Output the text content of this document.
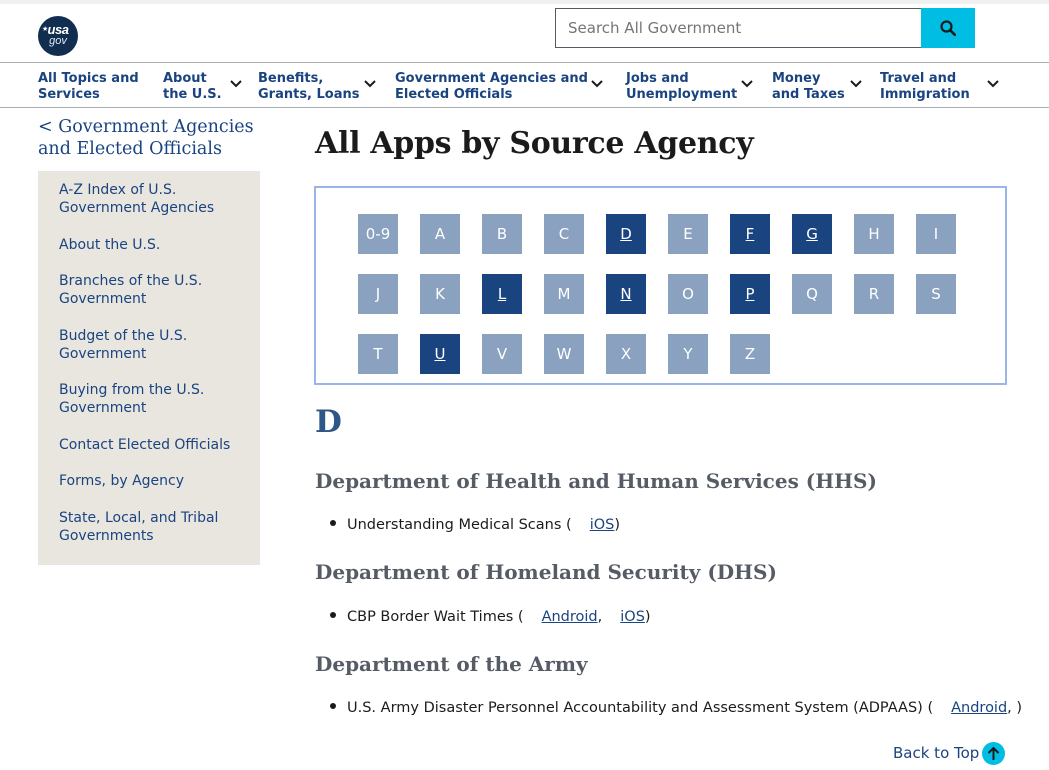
★ usa
gov
Search All Government
All Topics and
Services
About
the U.S.
Benefits,
Grants, Loans
Government Agencies and
Elected Officials
Jobs and
Unemployment
Money
and Taxes
Travel and
Immigration
< Government Agencies
and Elected Officials
A-Z Index of U.S.
Government Agencies
About the U.S.
Branches of the U.S.
Government
Budget of the U.S.
Government
Buying from the U.S.
Government
Contact Elected Officials
Forms, by Agency
State, Local, and Tribal
Governments
All Apps by Source Agency
0-9	A	B	C	D	E	F	G	H	I
J	K	L	M	N	O	P	Q	R	S
T	U	V	W	X	Y	Z
D
Department of Health and Human Services (HHS)
Understanding Medical Scans ( iOS)
Department of Homeland Security (DHS)
CBP Border Wait Times ( Android, iOS)
Department of the Army
U.S. Army Disaster Personnel Accountability and Assessment System (ADPAAS) ( Android, )
Back to Top
